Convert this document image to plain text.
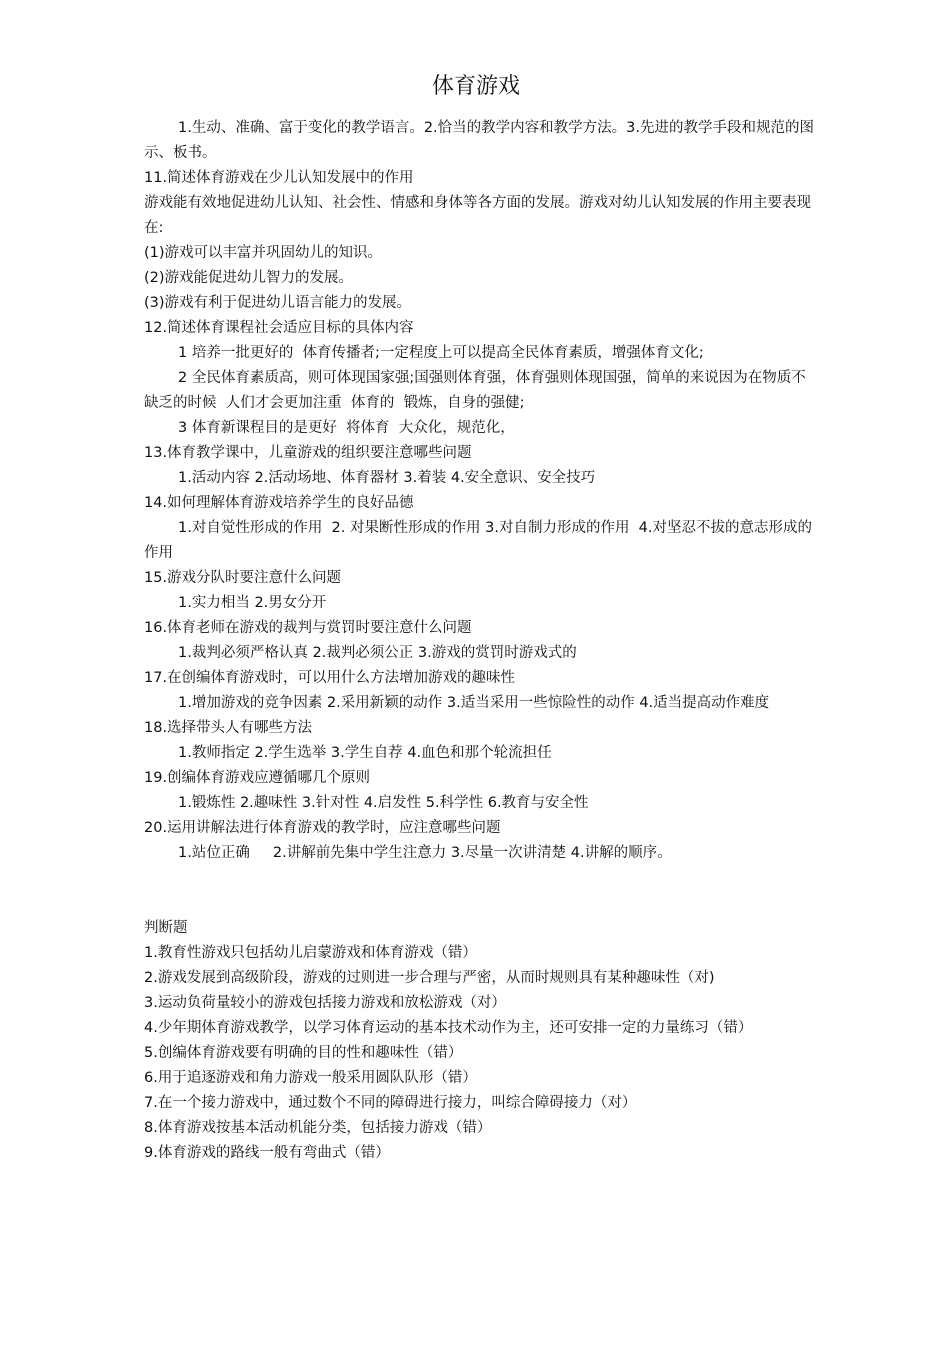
体育游戏

1.生动、准确、富于变化的教学语言。2.恰当的教学内容和教学方法。3.先进的教学手段和规范的图示、板书。

11.简述体育游戏在少儿认知发展中的作用

游戏能有效地促进幼儿认知、社会性、情感和身体等各方面的发展。游戏对幼儿认知发展的作用主要表现在:

(1)游戏可以丰富并巩固幼儿的知识。

(2)游戏能促进幼儿智力的发展。

(3)游戏有利于促进幼儿语言能力的发展。

12.简述体育课程社会适应目标的具体内容

1 培养一批更好的  体育传播者;一定程度上可以提高全民体育素质，增强体育文化;

2 全民体育素质高，则可体现国家强;国强则体育强，体育强则体现国强，简单的来说因为在物质不缺乏的时候  人们才会更加注重  体育的  锻炼，自身的强健;

3 体育新课程目的是更好  将体育  大众化，规范化，

13.体育教学课中，儿童游戏的组织要注意哪些问题

1.活动内容 2.活动场地、体育器材 3.着装 4.安全意识、安全技巧

14.如何理解体育游戏培养学生的良好品德

1.对自觉性形成的作用  2. 对果断性形成的作用 3.对自制力形成的作用  4.对坚忍不拔的意志形成的作用

15.游戏分队时要注意什么问题

1.实力相当 2.男女分开

16.体育老师在游戏的裁判与赏罚时要注意什么问题

1.裁判必须严格认真 2.裁判必须公正 3.游戏的赏罚时游戏式的

17.在创编体育游戏时，可以用什么方法增加游戏的趣味性

1.增加游戏的竞争因素 2.采用新颖的动作 3.适当采用一些惊险性的动作 4.适当提高动作难度

18.选择带头人有哪些方法

1.教师指定 2.学生选举 3.学生自荐 4.血色和那个轮流担任

19.创编体育游戏应遵循哪几个原则

1.锻炼性 2.趣味性 3.针对性 4.启发性 5.科学性 6.教育与安全性

20.运用讲解法进行体育游戏的教学时，应注意哪些问题

1.站位正确     2.讲解前先集中学生注意力 3.尽量一次讲清楚 4.讲解的顺序。

判断题

1.教育性游戏只包括幼儿启蒙游戏和体育游戏（错）

2.游戏发展到高级阶段，游戏的过则进一步合理与严密，从而时规则具有某种趣味性（对)

3.运动负荷量较小的游戏包括接力游戏和放松游戏（对）

4.少年期体育游戏教学，以学习体育运动的基本技术动作为主，还可安排一定的力量练习（错）

5.创编体育游戏要有明确的目的性和趣味性（错）

6.用于追逐游戏和角力游戏一般采用圆队队形（错）

7.在一个接力游戏中，通过数个不同的障碍进行接力，叫综合障碍接力（对）

8.体育游戏按基本活动机能分类，包括接力游戏（错）

9.体育游戏的路线一般有弯曲式（错）
